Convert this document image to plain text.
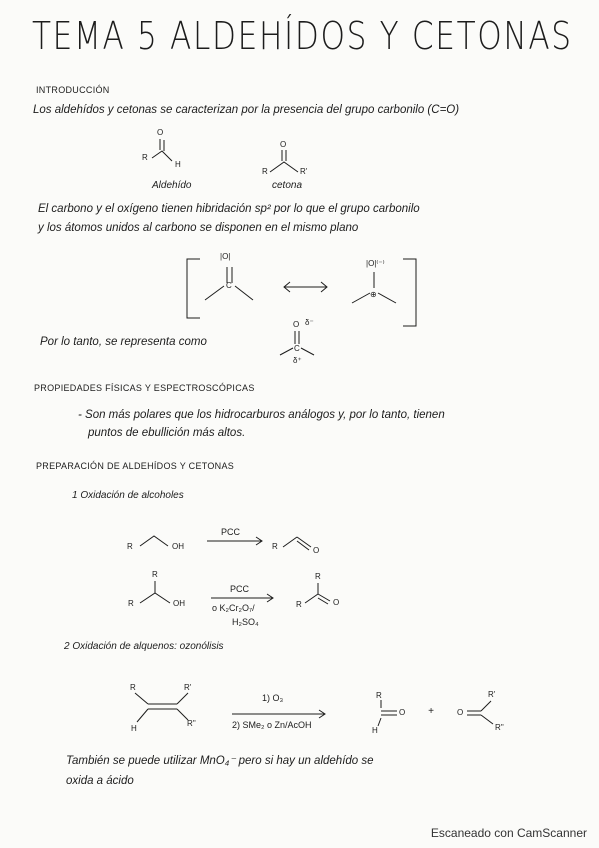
TEMA 5 ALDEHÍDOS Y CETONAS
INTRODUCCIÓN
Los aldehídos y cetonas se caracterizan por la presencia del grupo carbonilo (C=O)
R
O
H
R
O
R'
Aldehído	cetona
El carbono y el oxígeno tienen hibridación sp² por lo que el grupo carbonilo
y los átomos unidos al carbono se disponen en el mismo plano
|O|
C
|O|⁽⁻⁾
⊕
Por lo tanto, se representa como
O δ⁻
C
δ⁺
PROPIEDADES FÍSICAS Y ESPECTROSCÓPICAS
- Son más polares que los hidrocarburos análogos y, por lo tanto, tienen
puntos de ebullición más altos.
PREPARACIÓN DE ALDEHÍDOS Y CETONAS
1 Oxidación de alcoholes
R	OH
PCC
R	O
R
R	OH
PCC
o K₂Cr₂O₇/
H₂SO₄
R
R	O
2 Oxidación de alquenos: ozonólisis
R	R'
H
R''
1) O₃
2) SMe₂ o Zn/AcOH
R
H
O +	O
R'
R''
También se puede utilizar MnO₄⁻ pero si hay un aldehído se
oxida a ácido
Escaneado con CamScanner
